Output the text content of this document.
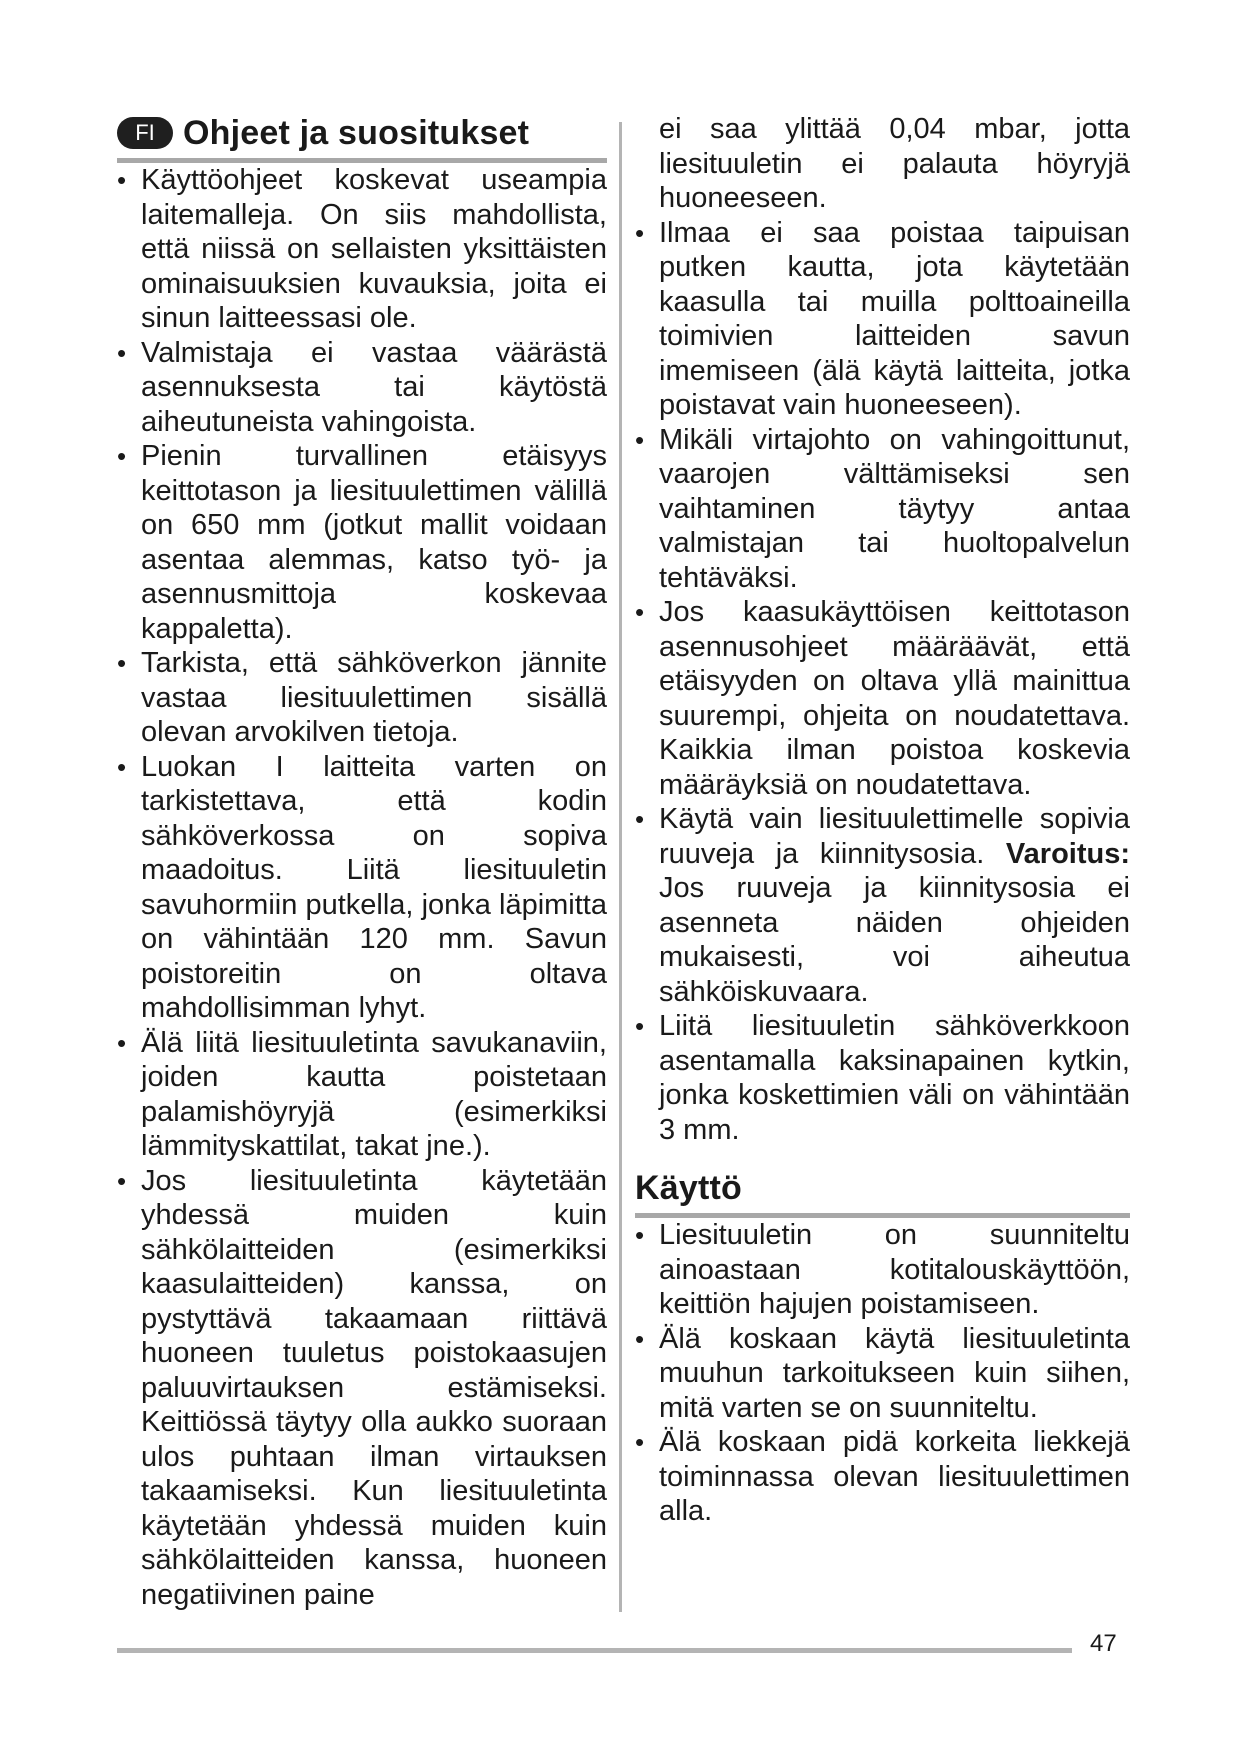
FI Ohjeet ja suositukset
• Käyttöohjeet koskevat useampia laitemalleja. On siis mahdollista, että niissä on sellaisten yksittäisten ominaisuuksien kuvauksia, joita ei sinun laitteessasi ole.
• Valmistaja ei vastaa väärästä asennuksesta tai käytöstä aiheutuneista vahingoista.
• Pienin turvallinen etäisyys keittotason ja liesituulettimen välillä on 650 mm (jotkut mallit voidaan asentaa alemmas, katso työ- ja asennusmittoja koskevaa kappaletta).
• Tarkista, että sähköverkon jännite vastaa liesituulettimen sisällä olevan arvokilven tietoja.
• Luokan I laitteita varten on tarkistettava, että kodin sähköverkossa on sopiva maadoitus. Liitä liesituuletin savuhormiin putkella, jonka läpimitta on vähintään 120 mm. Savun poistoreitin on oltava mahdollisimman lyhyt.
• Älä liitä liesituuletinta savukanaviin, joiden kautta poistetaan palamishöyryjä (esimerkiksi lämmityskattilat, takat jne.).
• Jos liesituuletinta käytetään yhdessä muiden kuin sähkölaitteiden (esimerkiksi kaasulaitteiden) kanssa, on pystyttävä takaamaan riittävä huoneen tuuletus poistokaasujen paluuvirtauksen estämiseksi. Keittiössä täytyy olla aukko suoraan ulos puhtaan ilman virtauksen takaamiseksi. Kun liesituuletinta käytetään yhdessä muiden kuin sähkölaitteiden kanssa, huoneen negatiivinen paine

ei saa ylittää 0,04 mbar, jotta liesituuletin ei palauta höyryjä huoneeseen.

• Ilmaa ei saa poistaa taipuisan putken kautta, jota käytetään kaasulla tai muilla polttoaineilla toimivien laitteiden savun imemiseen (älä käytä laitteita, jotka poistavat vain huoneeseen).
• Mikäli virtajohto on vahingoittunut, vaarojen välttämiseksi sen vaihtaminen täytyy antaa valmistajan tai huoltopalvelun tehtäväksi.
• Jos kaasukäyttöisen keittotason asennusohjeet määräävät, että etäisyyden on oltava yllä mainittua suurempi, ohjeita on noudatettava. Kaikkia ilman poistoa koskevia määräyksiä on noudatettava.
• Käytä vain liesituulettimelle sopivia ruuveja ja kiinnitysosia. Varoitus: Jos ruuveja ja kiinnitysosia ei asenneta näiden ohjeiden mukaisesti, voi aiheutua sähköiskuvaara.
• Liitä liesituuletin sähköverkkoon asentamalla kaksinapainen kytkin, jonka koskettimien väli on vähintään 3 mm.
Käyttö
• Liesituuletin on suunniteltu ainoastaan kotitalouskäyttöön, keittiön hajujen poistamiseen.
• Älä koskaan käytä liesituuletinta muuhun tarkoitukseen kuin siihen, mitä varten se on suunniteltu.
• Älä koskaan pidä korkeita liekkejä toiminnassa olevan liesituulettimen alla.
47
